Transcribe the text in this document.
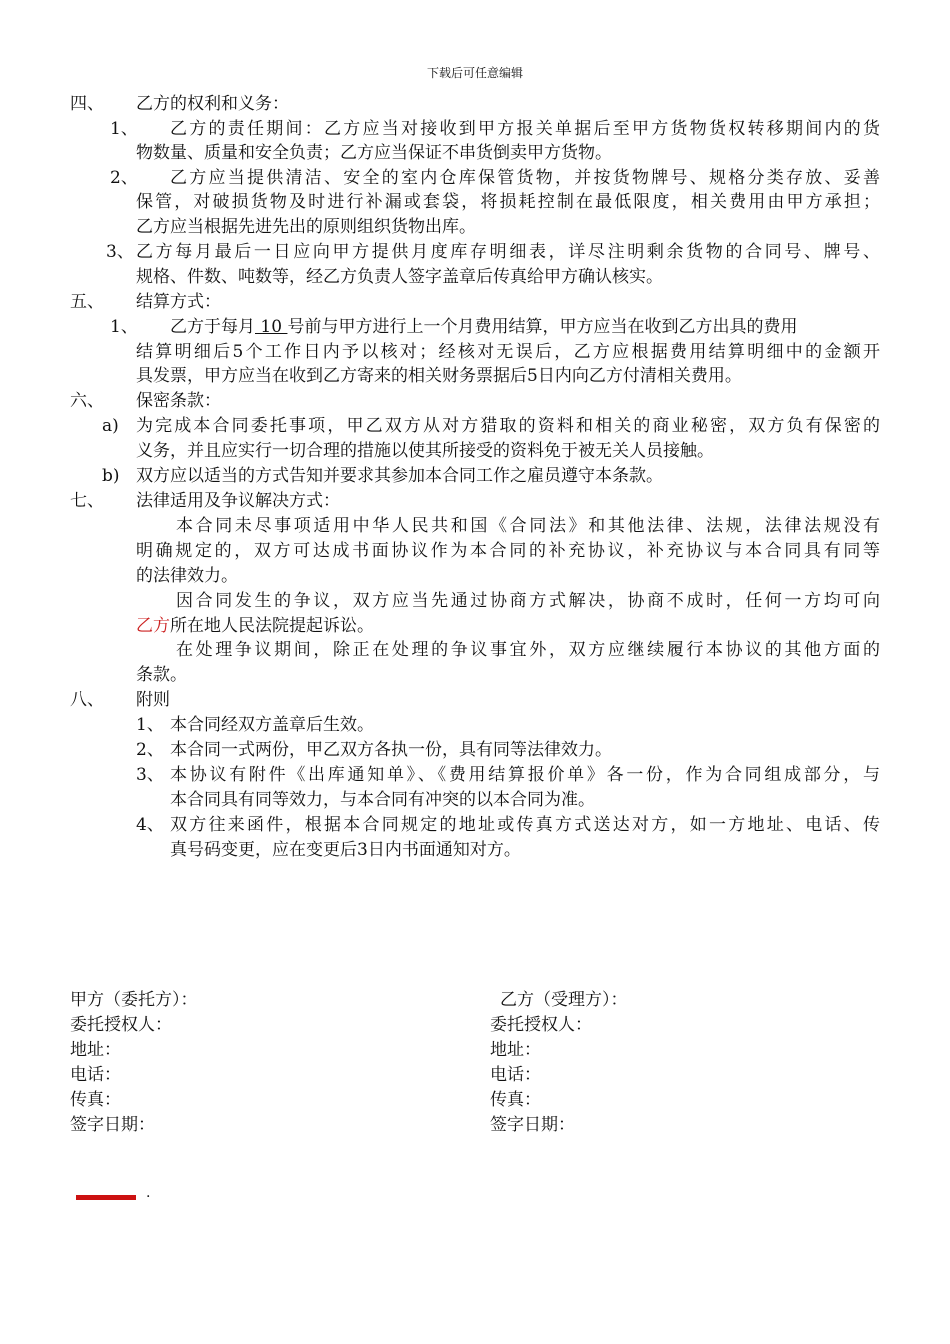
下载后可任意编辑
四、 乙方的权利和义务：
1、 乙方的责任期间：乙方应当对接收到甲方报关单据后至甲方货物货权转移期间内的货
物数量、质量和安全负责；乙方应当保证不串货倒卖甲方货物。
2、 乙方应当提供清洁、安全的室内仓库保管货物，并按货物牌号、规格分类存放、妥善
保管，对破损货物及时进行补漏或套袋，将损耗控制在最低限度，相关费用由甲方承担；
乙方应当根据先进先出的原则组织货物出库。
3、 乙方每月最后一日应向甲方提供月度库存明细表，详尽注明剩余货物的合同号、牌号、
规格、件数、吨数等，经乙方负责人签字盖章后传真给甲方确认核实。
五、 结算方式：
1、 乙方于每月 10 号前与甲方进行上一个月费用结算，甲方应当在收到乙方出具的费用
结算明细后5个工作日内予以核对；经核对无误后，乙方应根据费用结算明细中的金额开
具发票，甲方应当在收到乙方寄来的相关财务票据后5日内向乙方付清相关费用。
六、 保密条款：
a) 为完成本合同委托事项，甲乙双方从对方猎取的资料和相关的商业秘密，双方负有保密的
义务，并且应实行一切合理的措施以使其所接受的资料免于被无关人员接触。
b) 双方应以适当的方式告知并要求其参加本合同工作之雇员遵守本条款。
七、 法律适用及争议解决方式：
本合同未尽事项适用中华人民共和国《合同法》和其他法律、法规，法律法规没有
明确规定的，双方可达成书面协议作为本合同的补充协议，补充协议与本合同具有同等
的法律效力。
因合同发生的争议，双方应当先通过协商方式解决，协商不成时，任何一方均可向
乙方所在地人民法院提起诉讼。
在处理争议期间，除正在处理的争议事宜外，双方应继续履行本协议的其他方面的
条款。
八、 附则
1、 本合同经双方盖章后生效。
2、 本合同一式两份，甲乙双方各执一份，具有同等法律效力。
3、 本协议有附件《出库通知单》、《费用结算报价单》各一份，作为合同组成部分，与
本合同具有同等效力，与本合同有冲突的以本合同为准。
4、 双方往来函件，根据本合同规定的地址或传真方式送达对方，如一方地址、电话、传
真号码变更，应在变更后3日内书面通知对方。
甲方（委托方）：
委托授权人：
地址：
电话：
传真：
签字日期：
乙方（受理方）：
委托授权人：
地址：
电话：
传真：
签字日期：
.
